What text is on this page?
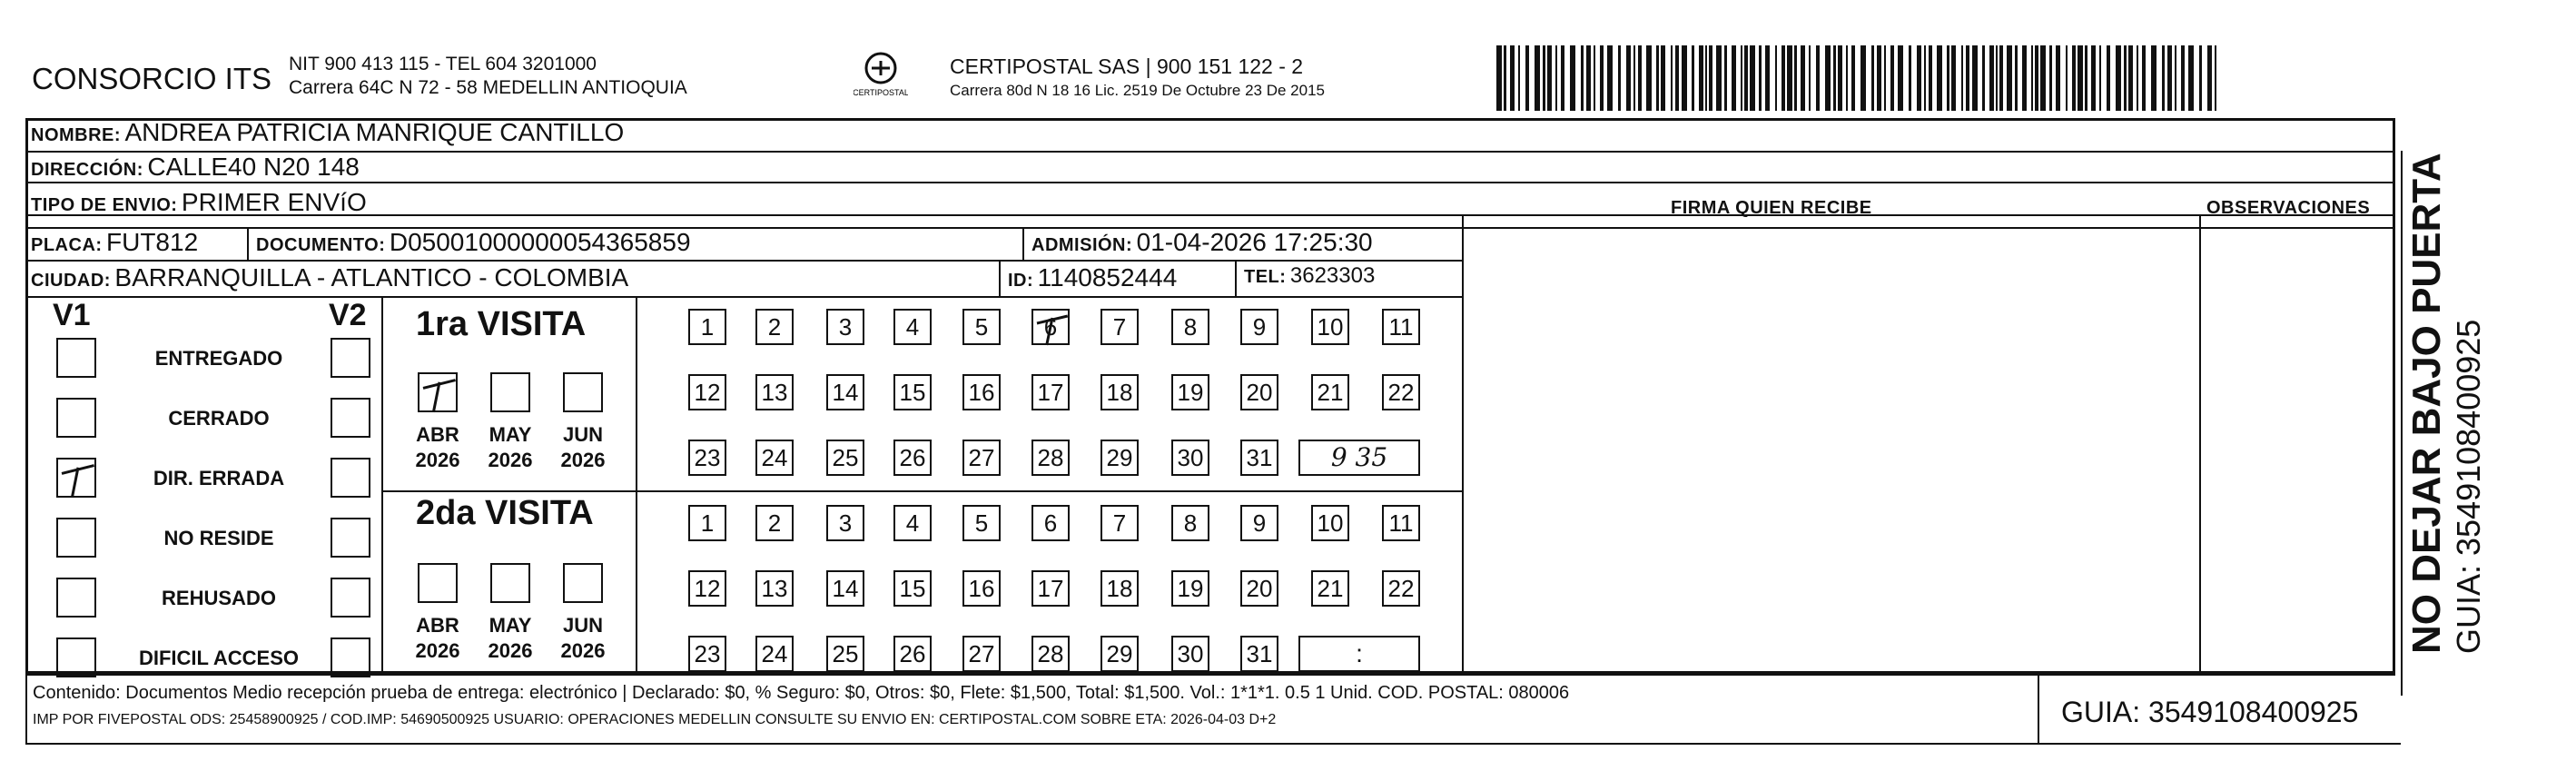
CONSORCIO ITS NIT 900 413 115 - TEL 604 3201000
Carrera 64C N 72 - 58 MEDELLIN ANTIOQUIA	CERTIPOSTAL
CERTIPOSTAL SAS | 900 151 122 - 2
Carrera 80d N 18 16 Lic. 2519 De Octubre 23 De 2015
NOMBRE: ANDREA PATRICIA MANRIQUE CANTILLO
DIRECCIÓN: CALLE40 N20 148
TIPO DE ENVIO: PRIMER ENVíO
PLACA: FUT812	DOCUMENTO: D05001000000054365859	ADMISIÓN: 01-04-2026 17:25:30
CIUDAD: BARRANQUILLA - ATLANTICO - COLOMBIA	ID: 1140852444	TEL: 3623303
FIRMA QUIEN RECIBE	OBSERVACIONES
V1	V2
ENTREGADO
CERRADO
DIR. ERRADA
NO RESIDE
REHUSADO
DIFICIL ACCESO
1ra VISITA
2da VISITA
ABR
2026
MAY
2026
JUN
2026
ABR
2026
MAY
2026
JUN
2026
1	2	3	4	5	6	7	8	9	10 11
12 13 14 15 16 17 18 19 20 21 22
23 24 25 26 27 28 29 30 31	9 35
1	2	3	4	5	6	7	8	9	10 11
12 13 14 15 16 17 18 19 20 21 22
23 24 25 26 27 28 29 30 31	:
Contenido: Documentos Medio recepción prueba de entrega: electrónico | Declarado: $0, % Seguro: $0, Otros: $0, Flete: $1,500, Total: $1,500. Vol.: 1*1*1. 0.5 1 Unid. COD. POSTAL: 080006
IMP POR FIVEPOSTAL ODS: 25458900925 / COD.IMP: 54690500925 USUARIO: OPERACIONES MEDELLIN CONSULTE SU ENVIO EN: CERTIPOSTAL.COM SOBRE ETA: 2026-04-03 D+2	GUIA: 3549108400925
NO DEJAR BAJO PUERTA GUIA: 3549108400925
